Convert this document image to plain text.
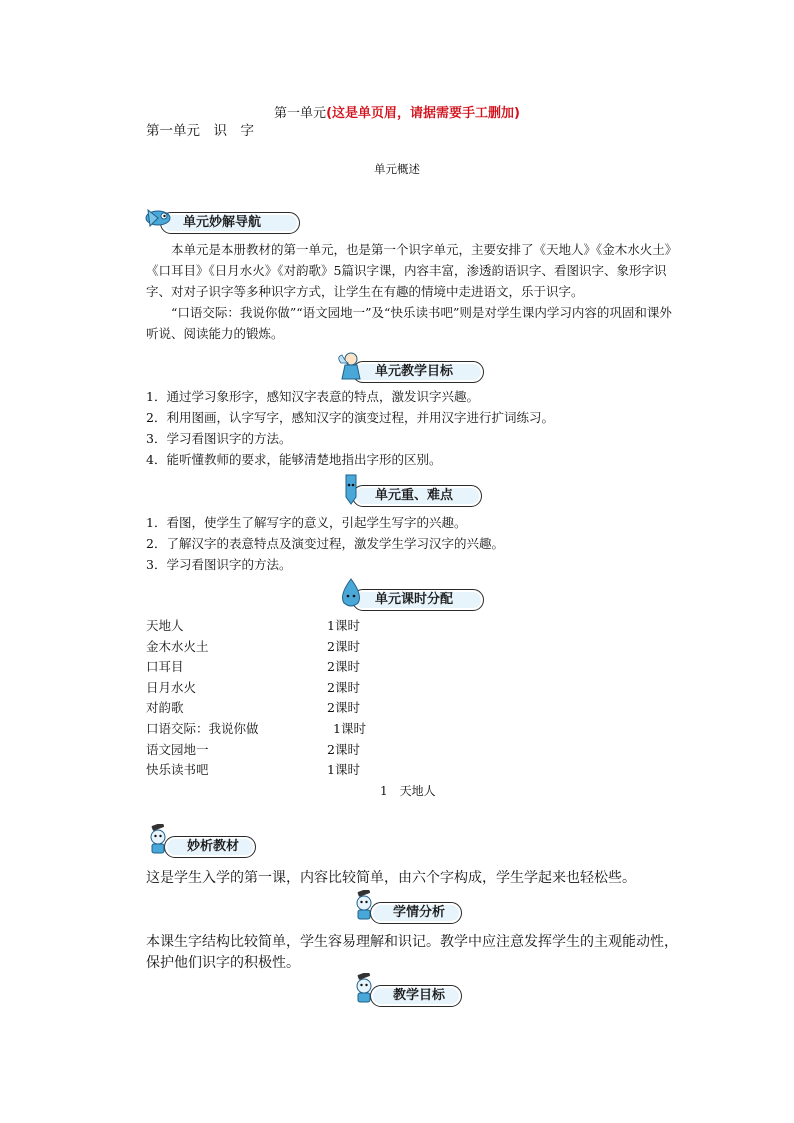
第一单元(这是单页眉，请据需要手工删加)
第一单元　识　字
单元概述
单元妙解导航
本单元是本册教材的第一单元，也是第一个识字单元，主要安排了《天地人》《金木水火土》《口耳目》《日月水火》《对韵歌》5篇识字课，内容丰富，渗透韵语识字、看图识字、象形字识字、对对子识字等多种识字方式，让学生在有趣的情境中走进语文，乐于识字。
“口语交际：我说你做”“语文园地一”及“快乐读书吧”则是对学生课内学习内容的巩固和课外听说、阅读能力的锻炼。
单元教学目标
1．通过学习象形字，感知汉字表意的特点，激发识字兴趣。
2．利用图画，认字写字，感知汉字的演变过程，并用汉字进行扩词练习。
3．学习看图识字的方法。
4．能听懂教师的要求，能够清楚地指出字形的区别。
单元重、难点
1．看图，使学生了解写字的意义，引起学生写字的兴趣。
2．了解汉字的表意特点及演变过程，激发学生学习汉字的兴趣。
3．学习看图识字的方法。
单元课时分配
天地人	1课时
金木水火土	2课时
口耳目	2课时
日月水火	2课时
对韵歌	2课时
口语交际：我说你做	1课时
语文园地一	2课时
快乐读书吧	1课时
1　天地人
妙析教材
这是学生入学的第一课，内容比较简单，由六个字构成，学生学起来也轻松些。
学情分析
本课生字结构比较简单，学生容易理解和识记。教学中应注意发挥学生的主观能动性，保护他们识字的积极性。
教学目标
